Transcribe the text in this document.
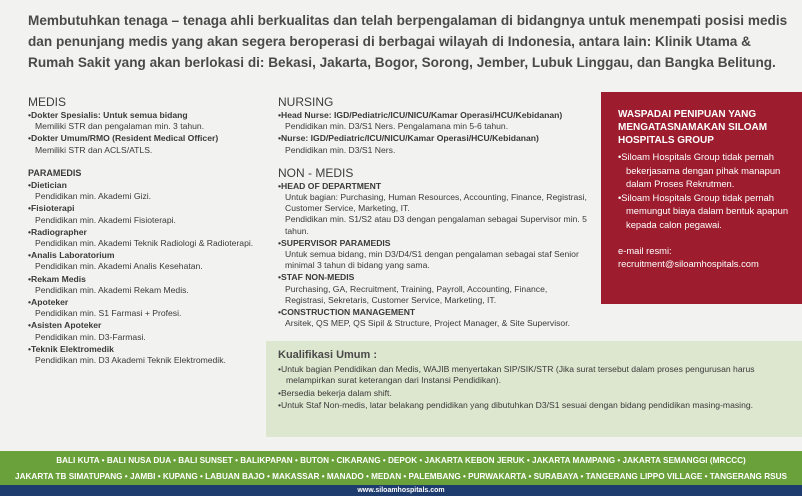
Membutuhkan tenaga – tenaga ahli berkualitas dan telah berpengalaman di bidangnya untuk menempati posisi medis dan penunjang medis yang akan segera beroperasi di berbagai wilayah di Indonesia, antara lain: Klinik Utama & Rumah Sakit yang akan berlokasi di: Bekasi, Jakarta, Bogor, Sorong, Jember, Lubuk Linggau, dan Bangka Belitung.
MEDIS
• Dokter Spesialis: Untuk semua bidang
Memiliki STR dan pengalaman min. 3 tahun.
• Dokter Umum/RMO (Resident Medical Officer)
Memiliki STR dan ACLS/ATLS.
PARAMEDIS
• Dietician
Pendidikan min. Akademi Gizi.
• Fisioterapi
Pendidikan min. Akademi Fisioterapi.
• Radiographer
Pendidikan min. Akademi Teknik Radiologi & Radioterapi.
• Analis Laboratorium
Pendidikan min. Akademi Analis Kesehatan.
• Rekam Medis
Pendidikan min. Akademi Rekam Medis.
• Apoteker
Pendidikan min. S1 Farmasi + Profesi.
• Asisten Apoteker
Pendidikan min. D3-Farmasi.
• Teknik Elektromedik
Pendidikan min. D3 Akademi Teknik Elektromedik.
NURSING
• Head Nurse: IGD/Pediatric/ICU/NICU/Kamar Operasi/HCU/Kebidanan)
Pendidikan min. D3/S1 Ners. Pengalamana min 5-6 tahun.
• Nurse: IGD/Pediatric/ICU/NICU/Kamar Operasi/HCU/Kebidanan)
Pendidikan min. D3/S1 Ners.
NON - MEDIS
• HEAD OF DEPARTMENT
Untuk bagian: Purchasing, Human Resources, Accounting, Finance, Registrasi, Customer Service, Marketing, IT.
Pendidikan min. S1/S2 atau D3 dengan pengalaman sebagai Supervisor min. 5 tahun.
• SUPERVISOR PARAMEDIS
Untuk semua bidang, min D3/D4/S1 dengan pengalaman sebagai staf Senior minimal 3 tahun di bidang yang sama.
• STAF NON-MEDIS
Purchasing, GA, Recruitment, Training, Payroll, Accounting, Finance, Registrasi, Sekretaris, Customer Service, Marketing, IT.
• CONSTRUCTION MANAGEMENT
Arsitek, QS MEP, QS Sipil & Structure, Project Manager, & Site Supervisor.
WASPADAI PENIPUAN YANG MENGATASNAMAKAN SILOAM HOSPITALS GROUP
• Siloam Hospitals Group tidak pernah bekerjasama dengan pihak manapun dalam Proses Rekrutmen.
• Siloam Hospitals Group tidak pernah memungut biaya dalam bentuk apapun kepada calon pegawai.
e-mail resmi:
recruitment@siloamhospitals.com
Kualifikasi Umum :
• Untuk bagian Pendidikan dan Medis, WAJIB menyertakan SIP/SIK/STR (Jika surat tersebut dalam proses pengurusan harus melampirkan surat keterangan dari Instansi Pendidikan).
• Bersedia bekerja dalam shift.
• Untuk Staf Non-medis, latar belakang pendidikan yang dibutuhkan D3/S1 sesuai dengan bidang pendidikan masing-masing.
BALI KUTA • BALI NUSA DUA • BALI SUNSET • BALIKPAPAN • BUTON • CIKARANG • DEPOK • JAKARTA KEBON JERUK • JAKARTA MAMPANG • JAKARTA SEMANGGI (MRCCC)
JAKARTA TB SIMATUPANG • JAMBI • KUPANG • LABUAN BAJO • MAKASSAR • MANADO • MEDAN • PALEMBANG • PURWAKARTA • SURABAYA • TANGERANG LIPPO VILLAGE • TANGERANG RSUS
www.siloamhospitals.com
